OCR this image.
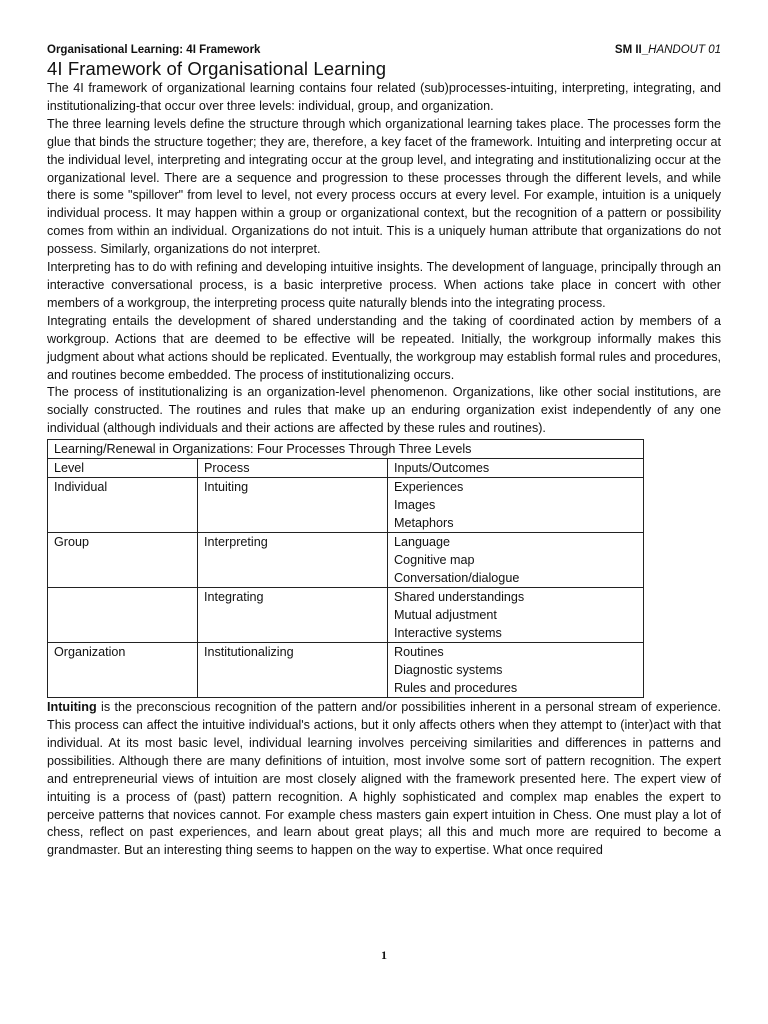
Organisational Learning: 4I Framework	SM II_HANDOUT 01
4I Framework of Organisational Learning

The 4I framework of organizational learning contains four related (sub)processes-intuiting, interpreting, integrating, and institutionalizing-that occur over three levels: individual, group, and organization.

The three learning levels define the structure through which organizational learning takes place. The processes form the glue that binds the structure together; they are, therefore, a key facet of the framework. Intuiting and interpreting occur at the individual level, interpreting and integrating occur at the group level, and integrating and institutionalizing occur at the organizational level. There are a sequence and progression to these processes through the different levels, and while there is some "spillover" from level to level, not every process occurs at every level. For example, intuition is a uniquely individual process. It may happen within a group or organizational context, but the recognition of a pattern or possibility comes from within an individual. Organizations do not intuit. This is a uniquely human attribute that organizations do not possess. Similarly, organizations do not interpret.

Interpreting has to do with refining and developing intuitive insights. The development of language, principally through an interactive conversational process, is a basic interpretive process. When actions take place in concert with other members of a workgroup, the interpreting process quite naturally blends into the integrating process.

Integrating entails the development of shared understanding and the taking of coordinated action by members of a workgroup. Actions that are deemed to be effective will be repeated. Initially, the workgroup informally makes this judgment about what actions should be replicated. Eventually, the workgroup may establish formal rules and procedures, and routines become embedded. The process of institutionalizing occurs.

The process of institutionalizing is an organization-level phenomenon. Organizations, like other social institutions, are socially constructed. The routines and rules that make up an enduring organization exist independently of any one individual (although individuals and their actions are affected by these rules and routines).

Learning/Renewal in Organizations: Four Processes Through Three Levels		
Level	Process	Inputs/Outcomes
Individual	Intuiting	Experiences
Images
Metaphors

Group	Interpreting	Language
Cognitive map
Conversation/dialogue

	Integrating	Shared understandings
Mutual adjustment
Interactive systems

Organization	Institutionalizing	Routines
Diagnostic systems
Rules and procedures

Intuiting is the preconscious recognition of the pattern and/or possibilities inherent in a personal stream of experience. This process can affect the intuitive individual's actions, but it only affects others when they attempt to (inter)act with that individual. At its most basic level, individual learning involves perceiving similarities and differences in patterns and possibilities. Although there are many definitions of intuition, most involve some sort of pattern recognition. The expert and entrepreneurial views of intuition are most closely aligned with the framework presented here. The expert view of intuiting is a process of (past) pattern recognition. A highly sophisticated and complex map enables the expert to perceive patterns that novices cannot. For example chess masters gain expert intuition in Chess. One must play a lot of chess, reflect on past experiences, and learn about great plays; all this and much more are required to become a grandmaster. But an interesting thing seems to happen on the way to expertise. What once required

1
